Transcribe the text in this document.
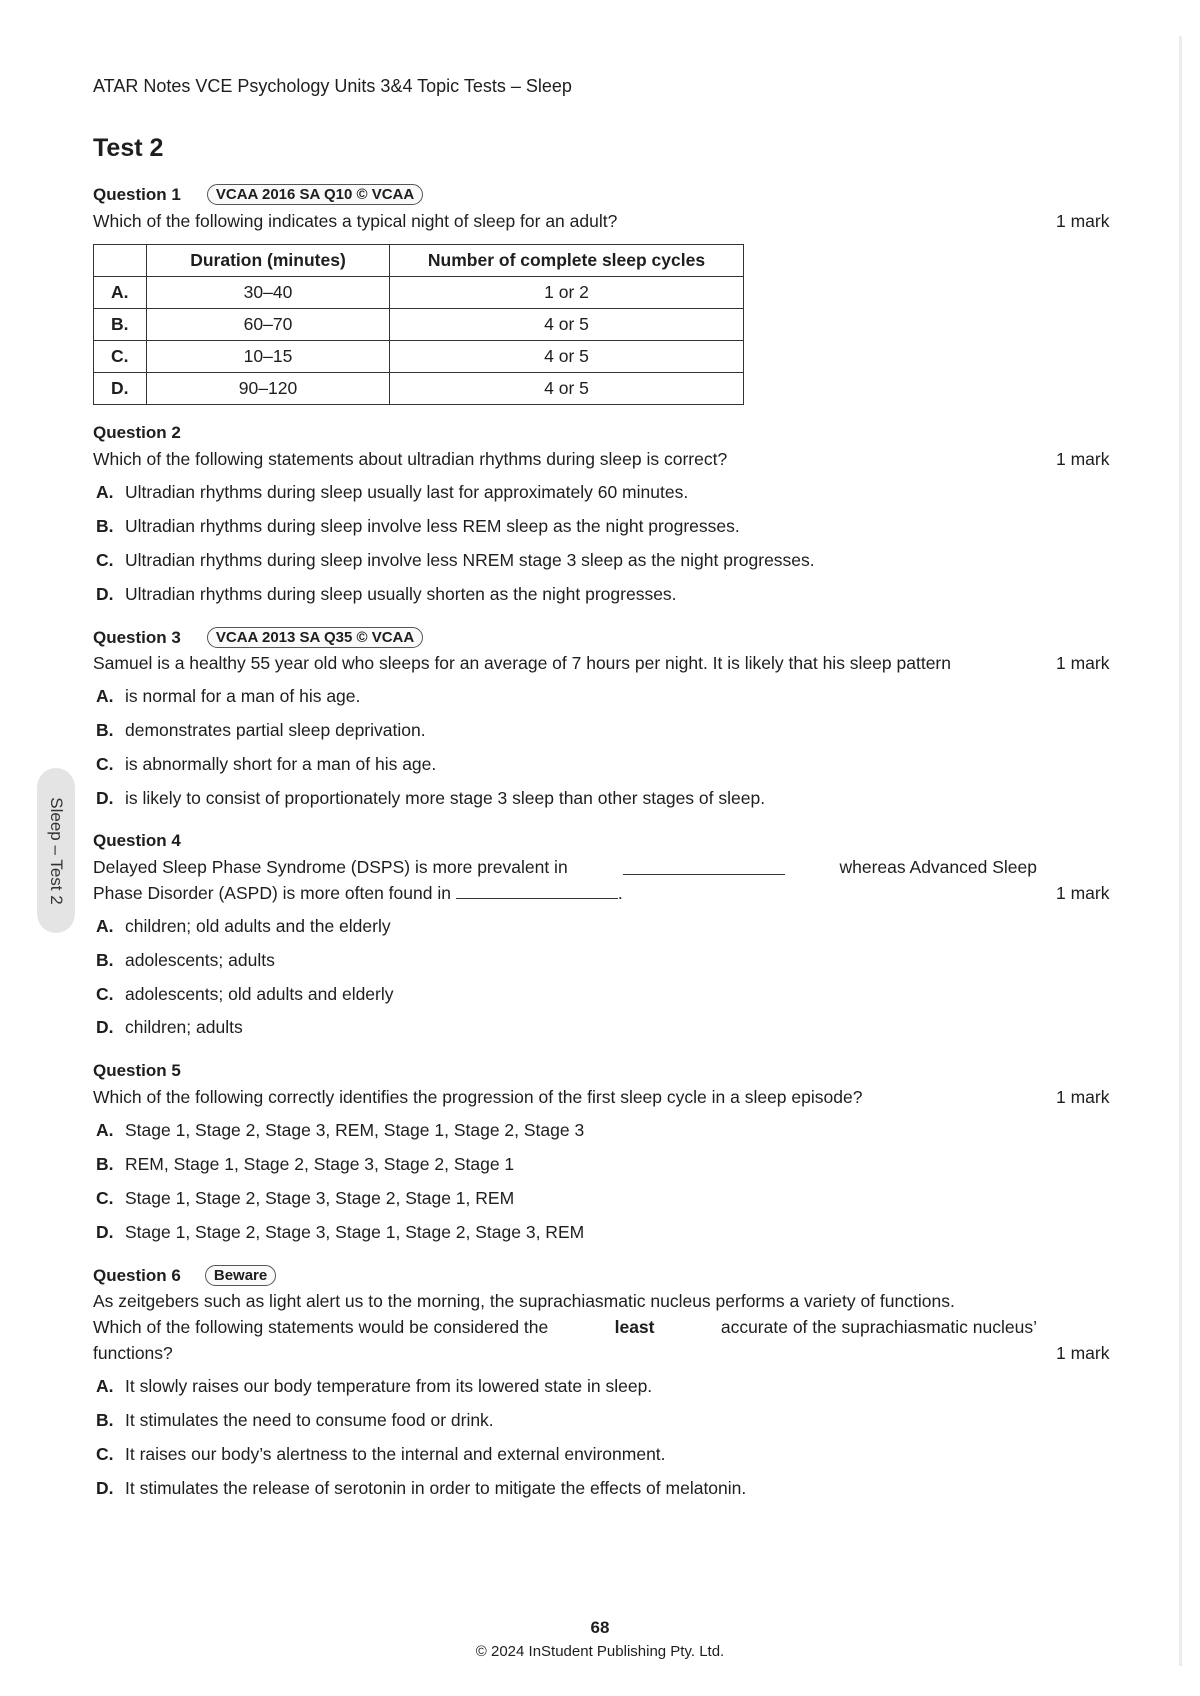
ATAR Notes VCE Psychology Units 3&4 Topic Tests – Sleep
Test 2
Question 1	VCAA 2016 SA Q10 © VCAA
Which of the following indicates a typical night of sleep for an adult?	1 mark
	Duration (minutes)	Number of complete sleep cycles
A.	30–40	1 or 2
B.	60–70	4 or 5
C.	10–15	4 or 5
D.	90–120	4 or 5
Question 2
Which of the following statements about ultradian rhythms during sleep is correct?	1 mark
A. Ultradian rhythms during sleep usually last for approximately 60 minutes.
B. Ultradian rhythms during sleep involve less REM sleep as the night progresses.
C. Ultradian rhythms during sleep involve less NREM stage 3 sleep as the night progresses.
D. Ultradian rhythms during sleep usually shorten as the night progresses.
Question 3	VCAA 2013 SA Q35 © VCAA
Samuel is a healthy 55 year old who sleeps for an average of 7 hours per night. It is likely that his sleep pattern	1 mark
A. is normal for a man of his age.
B. demonstrates partial sleep deprivation.
C. is abnormally short for a man of his age.
D. is likely to consist of proportionately more stage 3 sleep than other stages of sleep.
Sleep – Test 2 Question 4
Delayed Sleep Phase Syndrome (DSPS) is more prevalent in	whereas Advanced Sleep
Phase Disorder (ASPD) is more often found in	.	1 mark
A. children; old adults and the elderly
B. adolescents; adults
C. adolescents; old adults and elderly
D. children; adults
Question 5
Which of the following correctly identifies the progression of the first sleep cycle in a sleep episode?	1 mark
A. Stage 1, Stage 2, Stage 3, REM, Stage 1, Stage 2, Stage 3
B. REM, Stage 1, Stage 2, Stage 3, Stage 2, Stage 1
C. Stage 1, Stage 2, Stage 3, Stage 2, Stage 1, REM
D. Stage 1, Stage 2, Stage 3, Stage 1, Stage 2, Stage 3, REM
Question 6	Beware
As zeitgebers such as light alert us to the morning, the suprachiasmatic nucleus performs a variety of functions.
Which of the following statements would be considered the	least	accurate of the suprachiasmatic nucleus’
functions?	1 mark
A. It slowly raises our body temperature from its lowered state in sleep.
B. It stimulates the need to consume food or drink.
C. It raises our body’s alertness to the internal and external environment.
D. It stimulates the release of serotonin in order to mitigate the effects of melatonin.
68
© 2024 InStudent Publishing Pty. Ltd.
